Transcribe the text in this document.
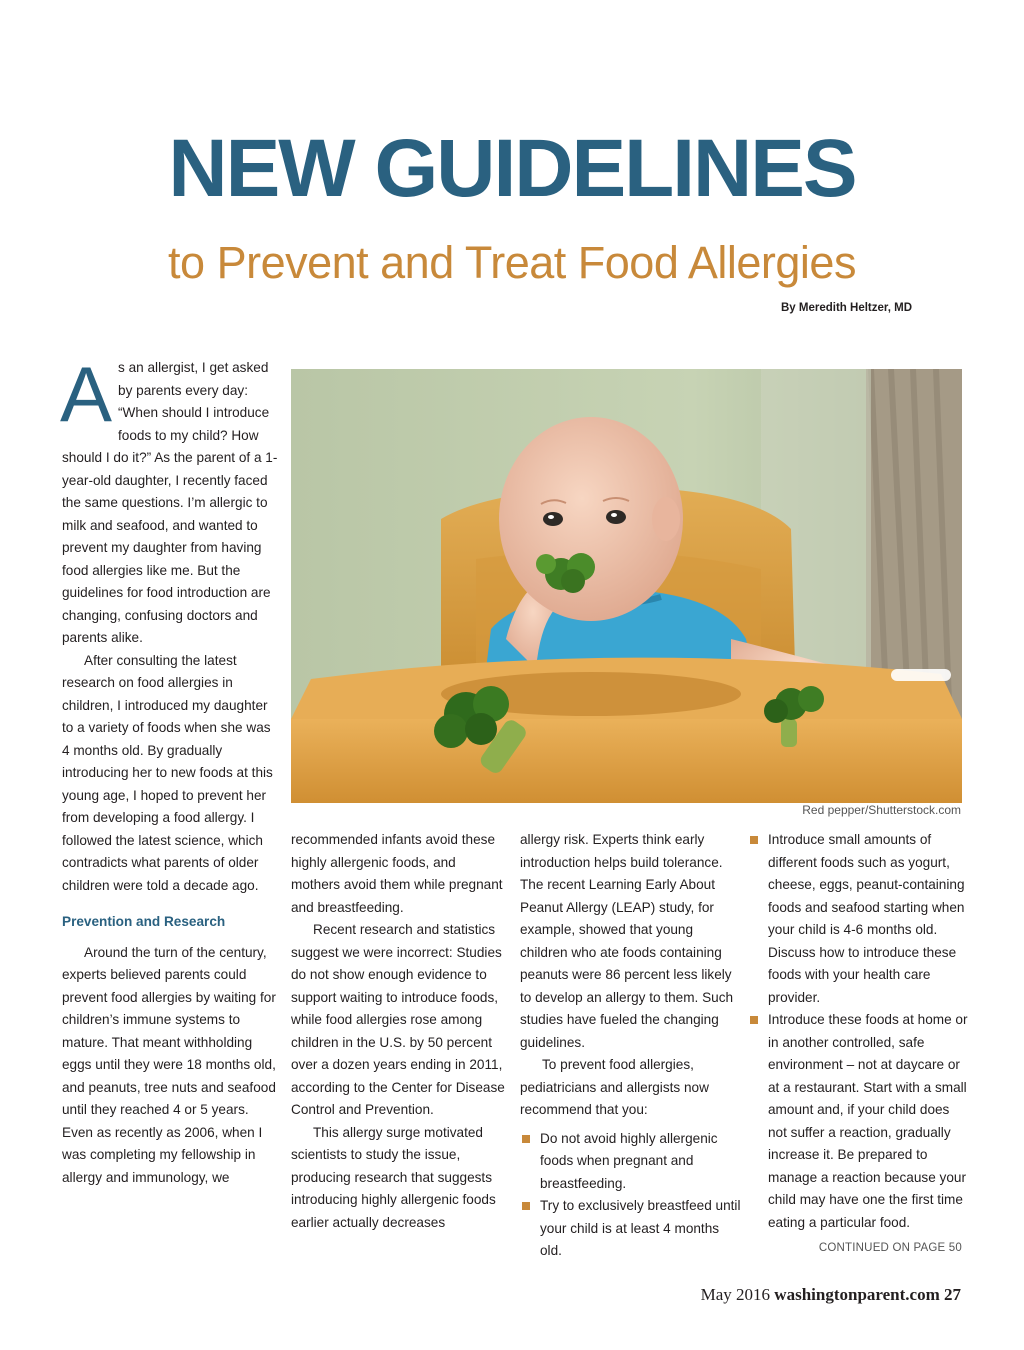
NEW GUIDELINES
to Prevent and Treat Food Allergies
By Meredith Heltzer, MD

As an allergist, I get asked by parents every day: “When should I introduce foods to my child? How should I do it?” As the parent of a 1-year-old daughter, I recently faced the same questions. I’m allergic to milk and seafood, and wanted to prevent my daughter from having food allergies like me. But the guidelines for food introduction are changing, confusing doctors and parents alike.

After consulting the latest research on food allergies in children, I introduced my daughter to a variety of foods when she was 4 months old. By gradually introducing her to new foods at this young age, I hoped to prevent her from developing a food allergy. I followed the latest science, which contradicts what parents of older children were told a decade ago.

Prevention and Research

Around the turn of the century, experts believed parents could prevent food allergies by waiting for children’s immune systems to mature. That meant withholding eggs until they were 18 months old, and peanuts, tree nuts and seafood until they reached 4 or 5 years. Even as recently as 2006, when I was completing my fellowship in allergy and immunology, we

Red pepper/Shutterstock.com

recommended infants avoid these highly allergenic foods, and mothers avoid them while pregnant and breastfeeding.

Recent research and statistics suggest we were incorrect: Studies do not show enough evidence to support waiting to introduce foods, while food allergies rose among children in the U.S. by 50 percent over a dozen years ending in 2011, according to the Center for Disease Control and Prevention.

This allergy surge motivated scientists to study the issue, producing research that suggests introducing highly allergenic foods earlier actually decreases

allergy risk. Experts think early introduction helps build tolerance. The recent Learning Early About Peanut Allergy (LEAP) study, for example, showed that young children who ate foods containing peanuts were 86 percent less likely to develop an allergy to them. Such studies have fueled the changing guidelines.

To prevent food allergies, pediatricians and allergists now recommend that you:

Do not avoid highly allergenic foods when pregnant and breastfeeding.
Try to exclusively breastfeed until your child is at least 4 months old.
Introduce small amounts of different foods such as yogurt, cheese, eggs, peanut-containing foods and seafood starting when your child is 4-6 months old. Discuss how to introduce these foods with your health care provider.
Introduce these foods at home or in another controlled, safe environment – not at daycare or at a restaurant. Start with a small amount and, if your child does not suffer a reaction, gradually increase it. Be prepared to manage a reaction because your child may have one the first time eating a particular food.
CONTINUED ON PAGE 50
May 2016 washingtonparent.com 27
